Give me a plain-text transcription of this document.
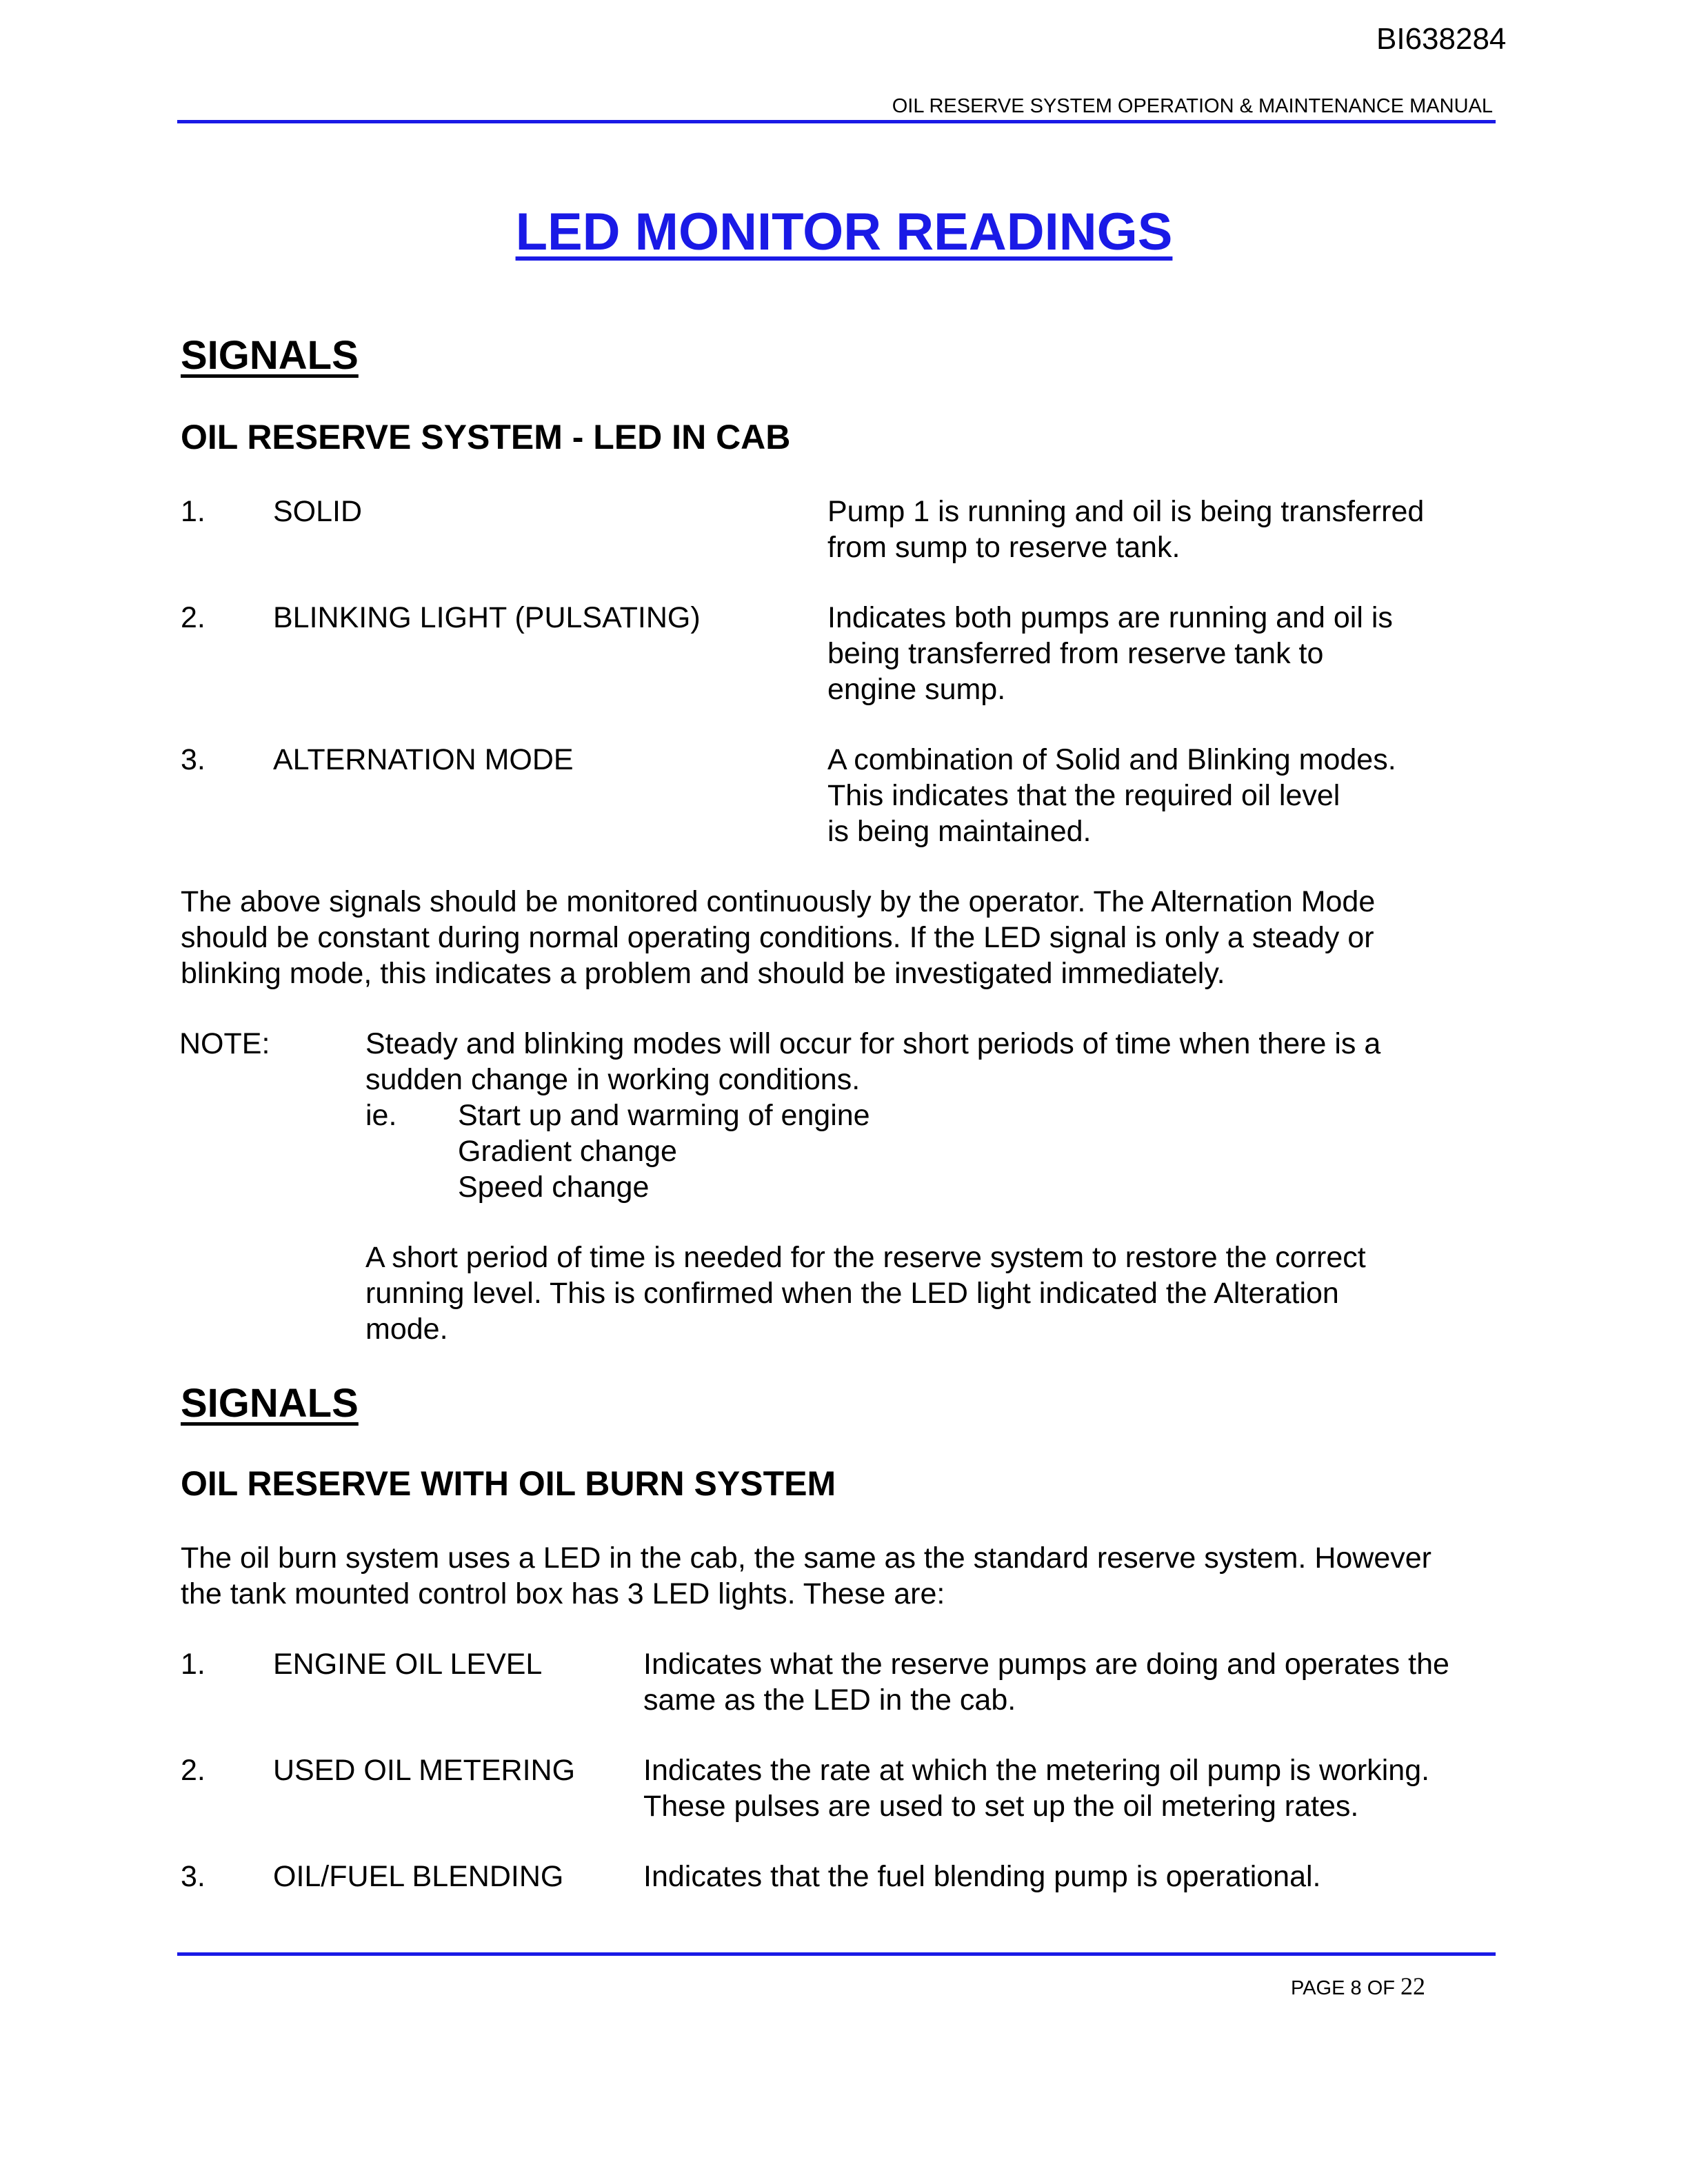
BI638284
OIL RESERVE SYSTEM OPERATION & MAINTENANCE MANUAL
LED MONITOR READINGS
SIGNALS
OIL RESERVE SYSTEM - LED IN CAB
1. SOLID	Pump 1 is running and oil is being transferred
from sump to reserve tank.
2. BLINKING LIGHT (PULSATING)	Indicates both pumps are running and oil is
being transferred from reserve tank to
engine sump.
3. ALTERNATION MODE	A combination of Solid and Blinking modes.
This indicates that the required oil level
is being maintained.
The above signals should be monitored continuously by the operator. The Alternation Mode
should be constant during normal operating conditions. If the LED signal is only a steady or
blinking mode, this indicates a problem and should be investigated immediately.
NOTE:	Steady and blinking modes will occur for short periods of time when there is a
sudden change in working conditions.
ie. Start up and warming of engine
Gradient change
Speed change
A short period of time is needed for the reserve system to restore the correct
running level. This is confirmed when the LED light indicated the Alteration
mode.
SIGNALS
OIL RESERVE WITH OIL BURN SYSTEM
The oil burn system uses a LED in the cab, the same as the standard reserve system. However
the tank mounted control box has 3 LED lights. These are:
1. ENGINE OIL LEVEL	Indicates what the reserve pumps are doing and operates the
same as the LED in the cab.
2. USED OIL METERING Indicates the rate at which the metering oil pump is working.
These pulses are used to set up the oil metering rates.
3. OIL/FUEL BLENDING	Indicates that the fuel blending pump is operational.
PAGE 8 OF 22
